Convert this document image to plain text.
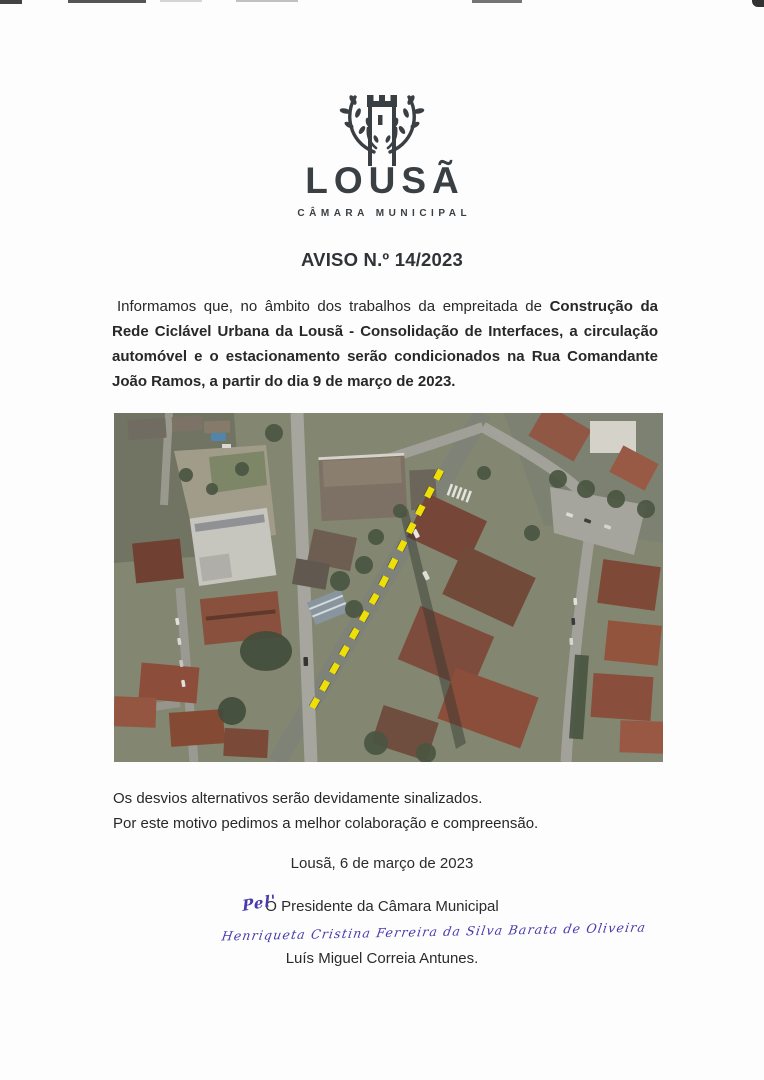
LOUSÃ
CÂMARA MUNICIPAL
AVISO N.º 14/2023

Informamos que, no âmbito dos trabalhos da empreitada de Construção da Rede Ciclável Urbana da Lousã - Consolidação de Interfaces, a circulação automóvel e o estacionamento serão condicionados na Rua Comandante João Ramos, a partir do dia 9 de março de 2023.

Os desvios alternativos serão devidamente sinalizados.
Por este motivo pedimos a melhor colaboração e compreensão.
Lousã, 6 de março de 2023
Pel'
O Presidente da Câmara Municipal
Henriqueta Cristina Ferreira da Silva Barata de Oliveira
Luís Miguel Correia Antunes.
